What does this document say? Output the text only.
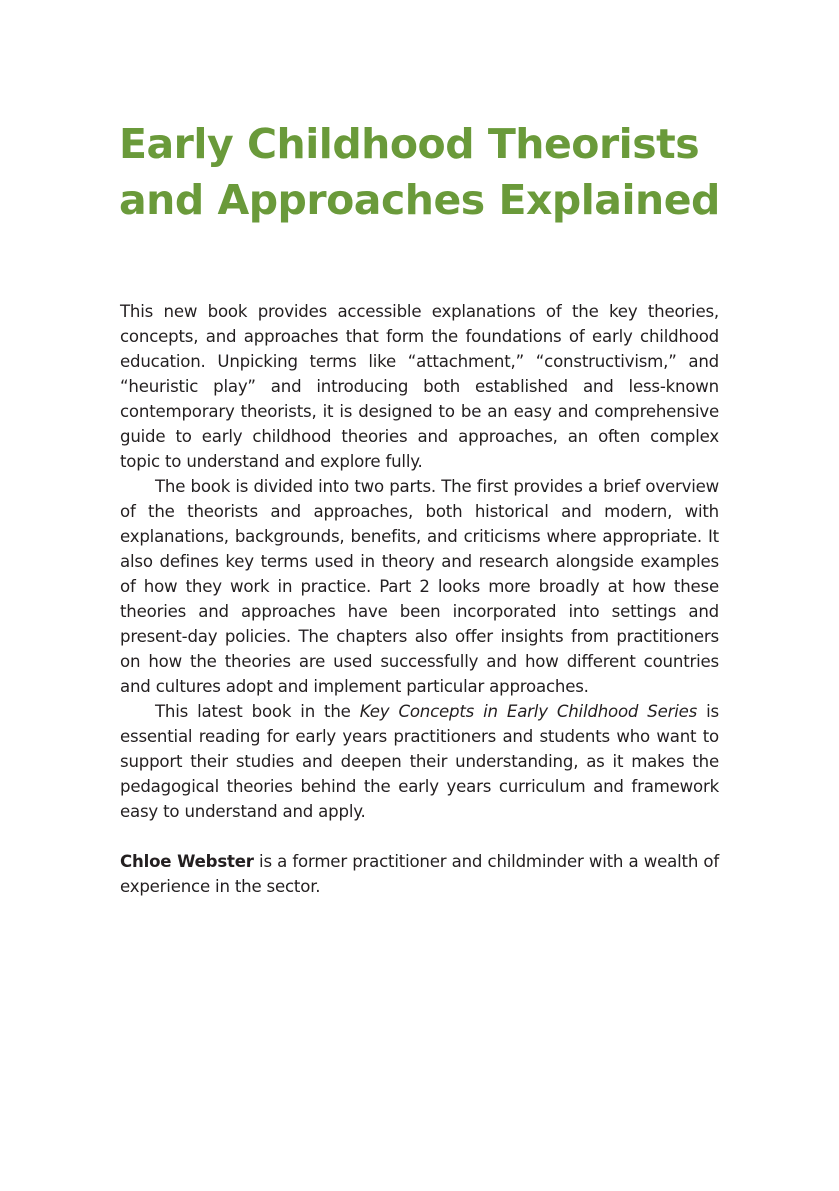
Early Childhood Theorists
and Approaches Explained

This new book provides accessible explanations of the key theories, concepts, and approaches that form the foundations of early childhood education. Unpicking terms like “attachment,” “constructivism,” and “heuristic play” and introducing both established and less-known contemporary theorists, it is designed to be an easy and comprehensive guide to early childhood theories and approaches, an often complex topic to understand and explore fully.

The book is divided into two parts. The first provides a brief overview of the theorists and approaches, both historical and modern, with explanations, backgrounds, benefits, and criticisms where appropriate. It also defines key terms used in theory and research alongside examples of how they work in practice. Part 2 looks more broadly at how these theories and approaches have been incorporated into settings and present-day policies. The chapters also offer insights from practitioners on how the theories are used successfully and how different countries and cultures adopt and implement particular approaches.

This latest book in the Key Concepts in Early Childhood Series is essential reading for early years practitioners and students who want to support their studies and deepen their understanding, as it makes the pedagogical theories behind the early years curriculum and framework easy to understand and apply.

Chloe Webster is a former practitioner and childminder with a wealth of experience in the sector.
